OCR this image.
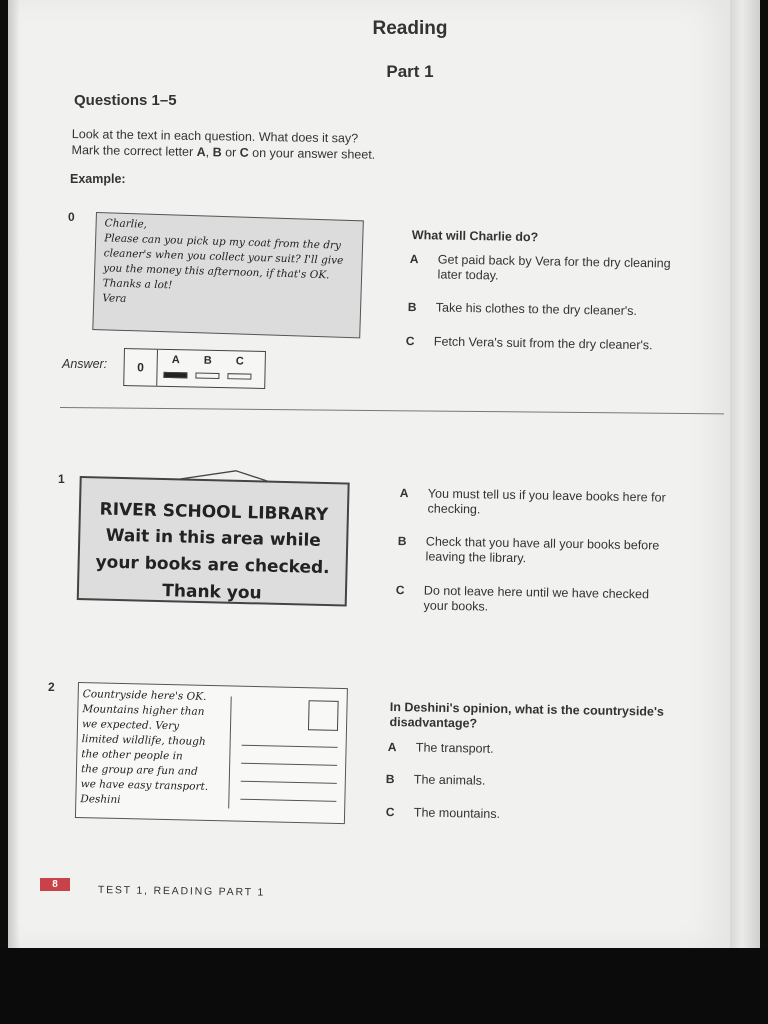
Reading
Part 1
Questions 1–5
Look at the text in each question. What does it say?
Mark the correct letter A, B or C on your answer sheet.
Example:
0	Charlie,
Please can you pick up my coat from the dry
cleaner's when you collect your suit? I'll give
you the money this afternoon, if that's OK.
Thanks a lot!
Vera
What will Charlie do?
A Get paid back by Vera for the dry cleaning later today.
B Take his clothes to the dry cleaner's.
C Fetch Vera's suit from the dry cleaner's.
Answer:	0
A	B	C
1
RIVER SCHOOL LIBRARY
Wait in this area while
your books are checked.
Thank you
A You must tell us if you leave books here for checking.
B Check that you have all your books before leaving the library.
C Do not leave here until we have checked your books.
2
Countryside here's OK.
Mountains higher than
we expected. Very
limited wildlife, though
the other people in
the group are fun and
we have easy transport.
Deshini
In Deshini's opinion, what is the countryside's disadvantage?
A The transport.
B The animals.
C The mountains.
8	TEST 1, READING PART 1
